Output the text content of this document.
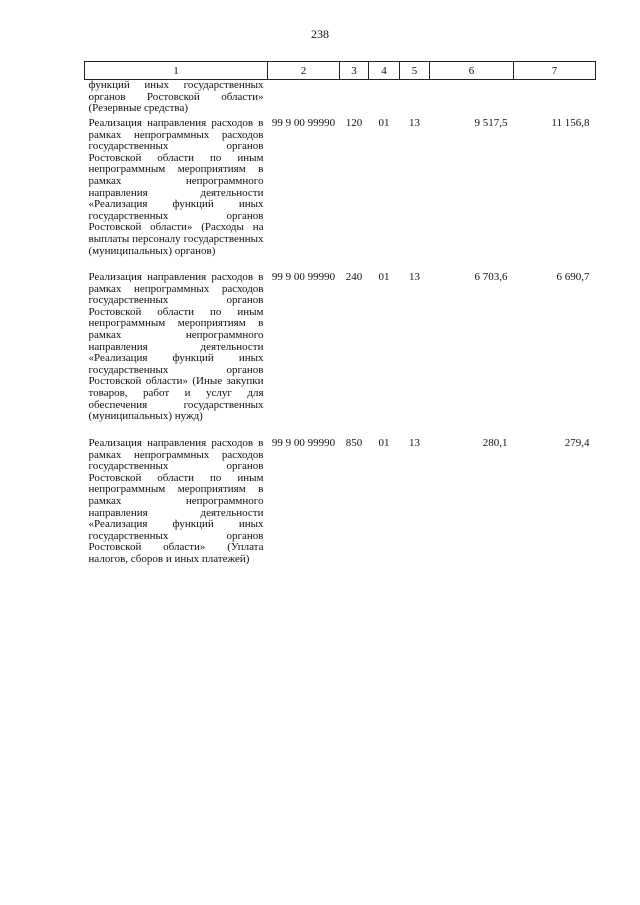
238
1	2	3	4	5	6	7
функций иных государственных органов Ростовской области» (Резервные средства)						
Реализация направления расходов в рамках непрограммных расходов государственных органов Ростовской области по иным непрограммным мероприятиям в рамках непрограммного направления деятельности «Реализация функций иных государственных органов Ростовской области» (Расходы на выплаты персоналу государственных (муниципальных) органов)	99 9 00 99990	120	01	13	9 517,5	11 156,8
Реализация направления расходов в рамках непрограммных расходов государственных органов Ростовской области по иным непрограммным мероприятиям в рамках непрограммного направления деятельности «Реализация функций иных государственных органов Ростовской области» (Иные закупки товаров, работ и услуг для обеспечения государственных (муниципальных) нужд)	99 9 00 99990	240	01	13	6 703,6	6 690,7
Реализация направления расходов в рамках непрограммных расходов государственных органов Ростовской области по иным непрограммным мероприятиям в рамках непрограммного направления деятельности «Реализация функций иных государственных органов Ростовской области» (Уплата налогов, сборов и иных платежей)	99 9 00 99990	850	01	13	280,1	279,4
